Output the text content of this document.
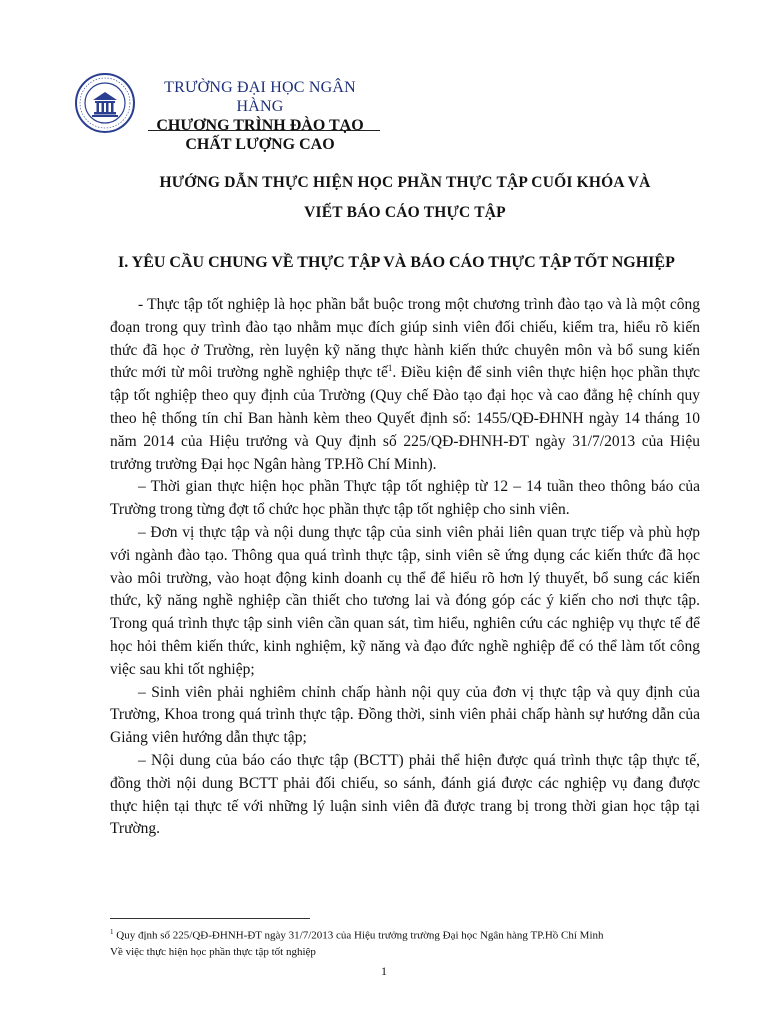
TRƯỜNG ĐẠI HỌC NGÂN HÀNG
CHƯƠNG TRÌNH ĐÀO TẠO
CHẤT LƯỢNG CAO
HƯỚNG DẪN THỰC HIỆN HỌC PHẦN THỰC TẬP CUỐI KHÓA VÀ
VIẾT BÁO CÁO THỰC TẬP
I. YÊU CẦU CHUNG VỀ THỰC TẬP VÀ BÁO CÁO THỰC TẬP TỐT NGHIỆP

- Thực tập tốt nghiệp là học phần bắt buộc trong một chương trình đào tạo và là một công đoạn trong quy trình đào tạo nhằm mục đích giúp sinh viên đối chiếu, kiểm tra, hiểu rõ kiến thức đã học ở Trường, rèn luyện kỹ năng thực hành kiến thức chuyên môn và bổ sung kiến thức mới từ môi trường nghề nghiệp thực tế$^1$. Điều kiện để sinh viên thực hiện học phần thực tập tốt nghiệp theo quy định của Trường (Quy chế Đào tạo đại học và cao đẳng hệ chính quy theo hệ thống tín chỉ Ban hành kèm theo Quyết định số: 1455/QĐ-ĐHNH ngày 14 tháng 10 năm 2014 của Hiệu trưởng và Quy định số 225/QĐ-ĐHNH-ĐT ngày 31/7/2013 của Hiệu trưởng trường Đại học Ngân hàng TP.Hồ Chí Minh).

– Thời gian thực hiện học phần Thực tập tốt nghiệp từ 12 – 14 tuần theo thông báo của Trường trong từng đợt tổ chức học phần thực tập tốt nghiệp cho sinh viên.

– Đơn vị thực tập và nội dung thực tập của sinh viên phải liên quan trực tiếp và phù hợp với ngành đào tạo. Thông qua quá trình thực tập, sinh viên sẽ ứng dụng các kiến thức đã học vào môi trường, vào hoạt động kinh doanh cụ thể để hiểu rõ hơn lý thuyết, bổ sung các kiến thức, kỹ năng nghề nghiệp cần thiết cho tương lai và đóng góp các ý kiến cho nơi thực tập. Trong quá trình thực tập sinh viên cần quan sát, tìm hiểu, nghiên cứu các nghiệp vụ thực tế để học hỏi thêm kiến thức, kinh nghiệm, kỹ năng và đạo đức nghề nghiệp để có thể làm tốt công việc sau khi tốt nghiệp;

– Sinh viên phải nghiêm chỉnh chấp hành nội quy của đơn vị thực tập và quy định của Trường, Khoa trong quá trình thực tập. Đồng thời, sinh viên phải chấp hành sự hướng dẫn của Giảng viên hướng dẫn thực tập;

– Nội dung của báo cáo thực tập (BCTT) phải thể hiện được quá trình thực tập thực tế, đồng thời nội dung BCTT phải đối chiếu, so sánh, đánh giá được các nghiệp vụ đang được thực hiện tại thực tế với những lý luận sinh viên đã được trang bị trong thời gian học tập tại Trường.

$^1$ Quy định số 225/QĐ-ĐHNH-ĐT ngày 31/7/2013 của Hiệu trưởng trường Đại học Ngân hàng TP.Hồ Chí Minh
Về việc thực hiện học phần thực tập tốt nghiệp
1
